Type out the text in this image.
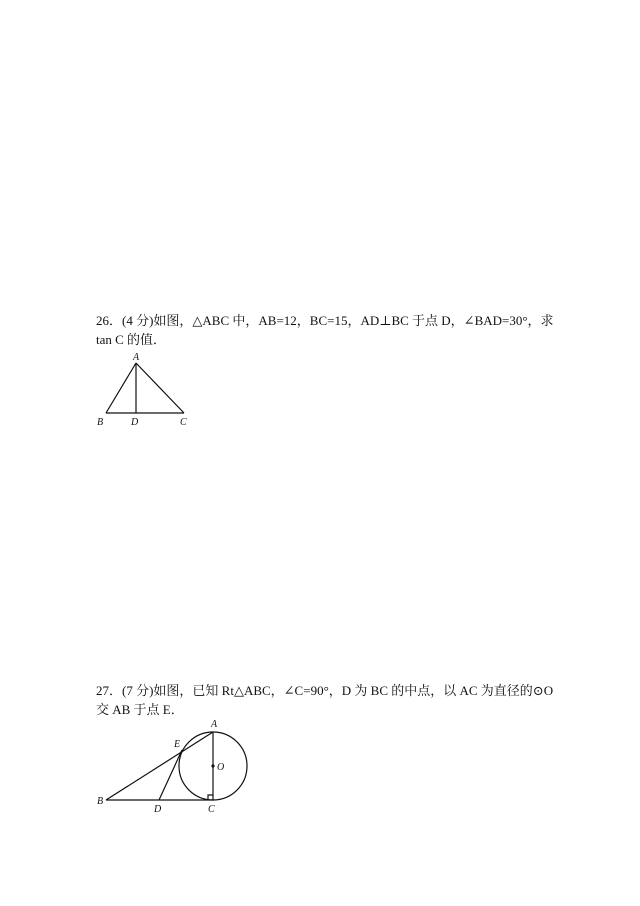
26．(4 分)如图，△ABC 中，AB=12，BC=15，AD⊥BC 于点 D，∠BAD=30°，求
tan C 的值．
A
B	D	C
27．(7 分)如图，已知 Rt△ABC，∠C=90°，D 为 BC 的中点，以 AC 为直径的⊙O
交 AB 于点 E．
A
E
O
B
D	C
